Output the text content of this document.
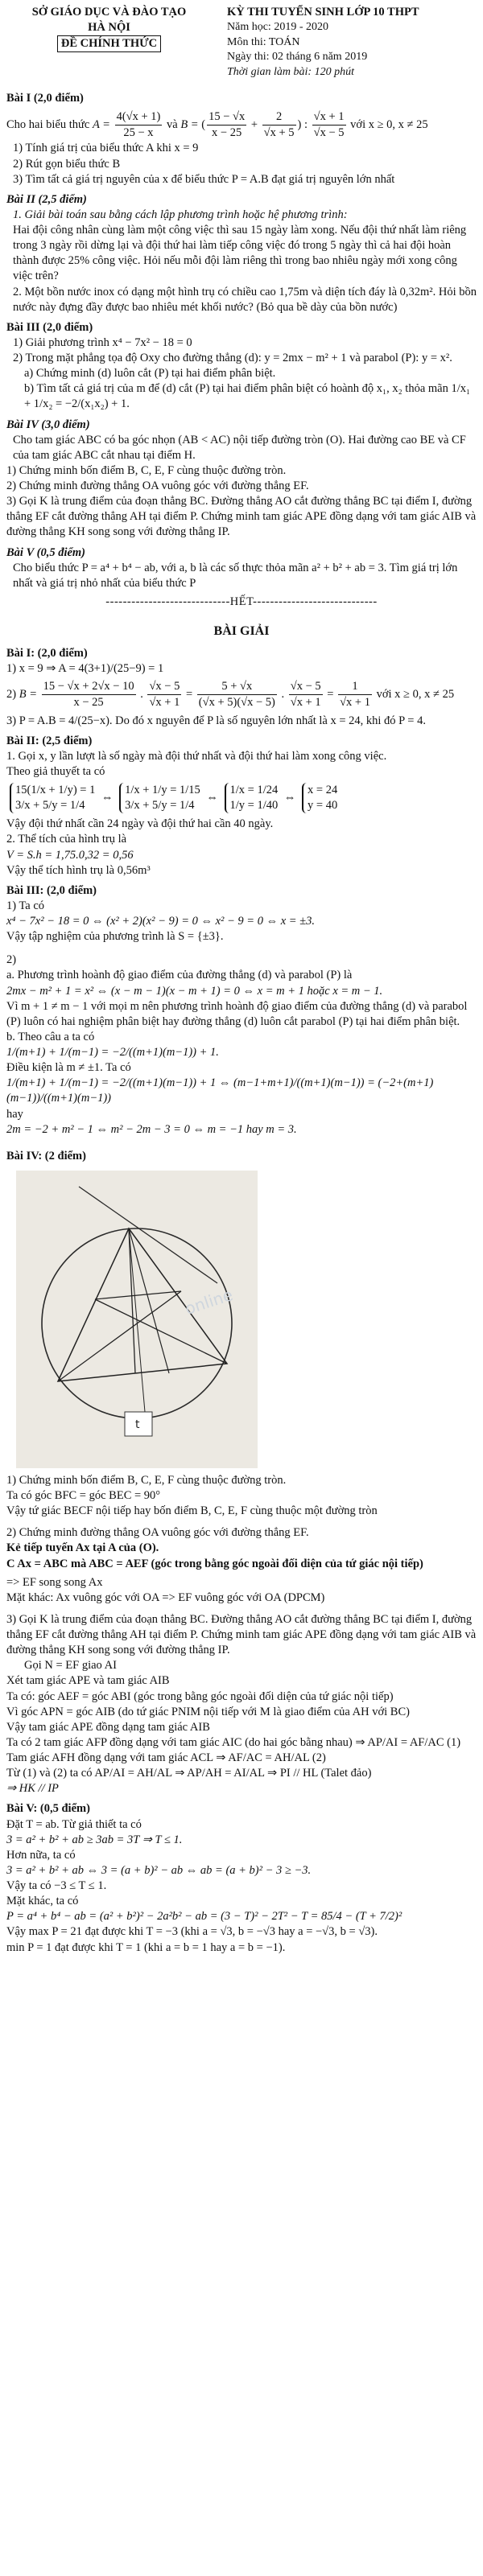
SỞ GIÁO DỤC VÀ ĐÀO TẠO

HÀ NỘI

ĐỀ CHÍNH THỨC

KỲ THI TUYỂN SINH LỚP 10 THPT

Năm học: 2019 - 2020

Môn thi: TOÁN

Ngày thi: 02 tháng 6 năm 2019

Thời gian làm bài: 120 phút

Bài I (2,0 điểm)

Cho hai biểu thức $A = \frac{4(√x + 1)}{25 - x}$ và B = ( $\frac{15 - √x}{x - 25} + \frac{2}{√x + 5}$ ) : $\frac{√x + 1}{√x - 5}$ với x ≥ 0, x ≠ 25

1) Tính giá trị của biểu thức A khi x = 9

2) Rút gọn biểu thức B

3) Tìm tất cả giá trị nguyên của x để biểu thức P = A.B đạt giá trị nguyên lớn nhất

Bài II (2,5 điểm)

1. Giải bài toán sau bằng cách lập phương trình hoặc hệ phương trình:

Hai đội công nhân cùng làm một công việc thì sau 15 ngày làm xong. Nếu đội thứ nhất làm riêng trong 3 ngày rồi dừng lại và đội thứ hai làm tiếp công việc đó trong 5 ngày thì cả hai đội hoàn thành được 25% công việc. Hỏi nếu mỗi đội làm riêng thì trong bao nhiêu ngày mới xong công việc trên?

2. Một bồn nước inox có dạng một hình trụ có chiều cao 1,75m và diện tích đáy là 0,32m². Hỏi bồn nước này đựng đầy được bao nhiêu mét khối nước? (Bỏ qua bề dày của bồn nước)

Bài III (2,0 điểm)

1) Giải phương trình x⁴ − 7x² − 18 = 0

2) Trong mặt phẳng tọa độ Oxy cho đường thẳng (d): y = 2mx − m² + 1 và parabol (P): y = x².

a) Chứng minh (d) luôn cắt (P) tại hai điểm phân biệt.

b) Tìm tất cả giá trị của m để (d) cắt (P) tại hai điểm phân biệt có hoành độ x₁, x₂ thỏa mãn 1/x₁ + 1/x₂ = −2/(x₁x₂) + 1.

Bài IV (3,0 điểm)

Cho tam giác ABC có ba góc nhọn (AB < AC) nội tiếp đường tròn (O). Hai đường cao BE và CF của tam giác ABC cắt nhau tại điểm H.

1) Chứng minh bốn điểm B, C, E, F cùng thuộc đường tròn.

2) Chứng minh đường thẳng OA vuông góc với đường thẳng EF.

3) Gọi K là trung điểm của đoạn thẳng BC. Đường thẳng AO cắt đường thẳng BC tại điểm I, đường thẳng EF cắt đường thẳng AH tại điểm P. Chứng minh tam giác APE đồng dạng với tam giác AIB và đường thẳng KH song song với đường thẳng IP.

Bài V (0,5 điểm)

Cho biểu thức P = a⁴ + b⁴ − ab, với a, b là các số thực thỏa mãn a² + b² + ab = 3. Tìm giá trị lớn nhất và giá trị nhỏ nhất của biểu thức P

-----------------------------HẾT-----------------------------

BÀI GIẢI

Bài I: (2,0 điểm)

1) x = 9 ⇒ A = 4(3+1)/(25−9) = 1

2) $B = \frac{15 - √x + 2√x - 10}{x - 25}$ . $\frac{√x - 5}{√x + 1} = \frac{5 + √x}{(√x + 5)(√x - 5)}$ . $\frac{√x - 5}{√x + 1} = \frac{1}{√x + 1}$ với x ≥ 0, x ≠ 25

3) P = A.B = 4/(25−x). Do đó x nguyên để P là số nguyên lớn nhất là x = 24, khi đó P = 4.

Bài II: (2,5 điểm)

1. Gọi x, y lần lượt là số ngày mà đội thứ nhất và đội thứ hai làm xong công việc.

Theo giả thuyết ta có

15(1/x + 1/y) = 1
3/x + 5/y = 1/4
⇔
1/x + 1/y = 1/15
3/x + 5/y = 1/4
⇔
1/x = 1/24
1/y = 1/40
⇔
x = 24
y = 40

Vậy đội thứ nhất cần 24 ngày và đội thứ hai cần 40 ngày.

2. Thể tích của hình trụ là

V = S.h = 1,75.0,32 = 0,56

Vậy thể tích hình trụ là 0,56m³

Bài III: (2,0 điểm)

1) Ta có

x⁴ − 7x² − 18 = 0 ⇔ (x² + 2)(x² − 9) = 0 ⇔ x² − 9 = 0 ⇔ x = ±3.

Vậy tập nghiệm của phương trình là S = {±3}.

2)

a. Phương trình hoành độ giao điểm của đường thẳng (d) và parabol (P) là

2mx − m² + 1 = x² ⇔ (x − m − 1)(x − m + 1) = 0 ⇔ x = m + 1 hoặc x = m − 1.

Vì m + 1 ≠ m − 1 với mọi m nên phương trình hoành độ giao điểm của đường thẳng (d) và parabol (P) luôn có hai nghiệm phân biệt hay đường thẳng (d) luôn cắt parabol (P) tại hai điểm phân biệt.

b. Theo câu a ta có

1/(m+1) + 1/(m−1) = −2/((m+1)(m−1)) + 1.

Điều kiện là m ≠ ±1. Ta có

1/(m+1) + 1/(m−1) = −2/((m+1)(m−1)) + 1 ⇔ (m−1+m+1)/((m+1)(m−1)) = (−2+(m+1)(m−1))/((m+1)(m−1))

hay

2m = −2 + m² − 1 ⇔ m² − 2m − 3 = 0 ⇔ m = −1 hay m = 3.

Bài IV: (2 điểm)

t
online

1) Chứng minh bốn điểm B, C, E, F cùng thuộc đường tròn.

Ta có góc BFC = góc BEC = 90°

Vậy tứ giác BECF nội tiếp hay bốn điểm B, C, E, F cùng thuộc một đường tròn

2) Chứng minh đường thẳng OA vuông góc với đường thẳng EF.

Kẻ tiếp tuyến Ax tại A của (O).

C Ax = ABC mà ABC = AEF (góc trong bằng góc ngoài đối diện của tứ giác nội tiếp)

=> EF song song Ax

Mặt khác: Ax vuông góc với OA => EF vuông góc với OA (DPCM)

3) Gọi K là trung điểm của đoạn thẳng BC. Đường thẳng AO cắt đường thẳng BC tại điểm I, đường thẳng EF cắt đường thẳng AH tại điểm P. Chứng minh tam giác APE đồng dạng với tam giác AIB và đường thẳng KH song song với đường thẳng IP.

Gọi N = EF giao AI

Xét tam giác APE và tam giác AIB

Ta có: góc AEF = góc ABI (góc trong bằng góc ngoài đối diện của tứ giác nội tiếp)

Vì góc APN = góc AIB (do tứ giác PNIM nội tiếp với M là giao điểm của AH với BC)

Vậy tam giác APE đồng dạng tam giác AIB

Ta có 2 tam giác AFP đồng dạng với tam giác AIC (do hai góc bằng nhau) ⇒ AP/AI = AF/AC (1)

Tam giác AFH đồng dạng với tam giác ACL ⇒ AF/AC = AH/AL (2)

Từ (1) và (2) ta có AP/AI = AH/AL ⇒ AP/AH = AI/AL ⇒ PI // HL (Talet đảo)

⇒ HK // IP

Bài V: (0,5 điểm)

Đặt T = ab. Từ giả thiết ta có

3 = a² + b² + ab ≥ 3ab = 3T ⇒ T ≤ 1.

Hơn nữa, ta có

3 = a² + b² + ab ⇔ 3 = (a + b)² − ab ⇔ ab = (a + b)² − 3 ≥ −3.

Vậy ta có −3 ≤ T ≤ 1.

Mặt khác, ta có

P = a⁴ + b⁴ − ab = (a² + b²)² − 2a²b² − ab = (3 − T)² − 2T² − T = 85/4 − (T + 7/2)²

Vậy max P = 21 đạt được khi T = −3 (khi a = √3, b = −√3 hay a = −√3, b = √3).

min P = 1 đạt được khi T = 1 (khi a = b = 1 hay a = b = −1).
